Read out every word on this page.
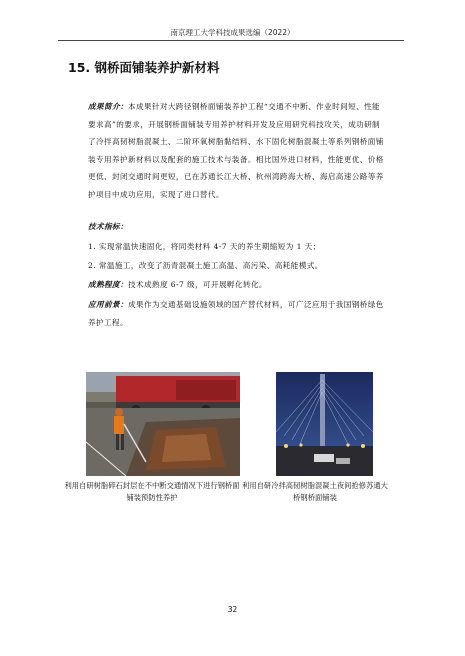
南京理工大学科技成果选编（2022）
15. 钢桥面铺装养护新材料
成果简介：本成果针对大跨径钢桥面铺装养护工程“交通不中断、作业时间短、性能要求高”的要求，开展钢桥面铺装专用养护材料开发及应用研究科技攻关，成功研制了冷拌高韧树脂混凝土、二阶环氧树脂黏结料、水下固化树脂混凝土等系列钢桥面铺装专用养护新材料以及配套的施工技术与装备。相比国外进口材料，性能更优、价格更低、封闭交通时间更短，已在苏通长江大桥、杭州湾跨海大桥、海启高速公路等养护项目中成功应用，实现了进口替代。
技术指标：
1. 实现常温快速固化，将同类材料 4-7 天的养生期缩短为 1 天；
2. 常温施工，改变了沥青混凝土施工高温、高污染、高耗能模式。
成熟程度：技术成熟度 6-7 级，可开展孵化转化。
应用前景：成果作为交通基础设施领域的国产替代材料，可广泛应用于我国钢桥绿色养护工程。
利用自研树脂碎石封层在不中断交通情况下进行钢桥面铺装预防性养护
利用自研冷拌高韧树脂混凝土夜间抢修苏通大桥钢桥面铺装
32
